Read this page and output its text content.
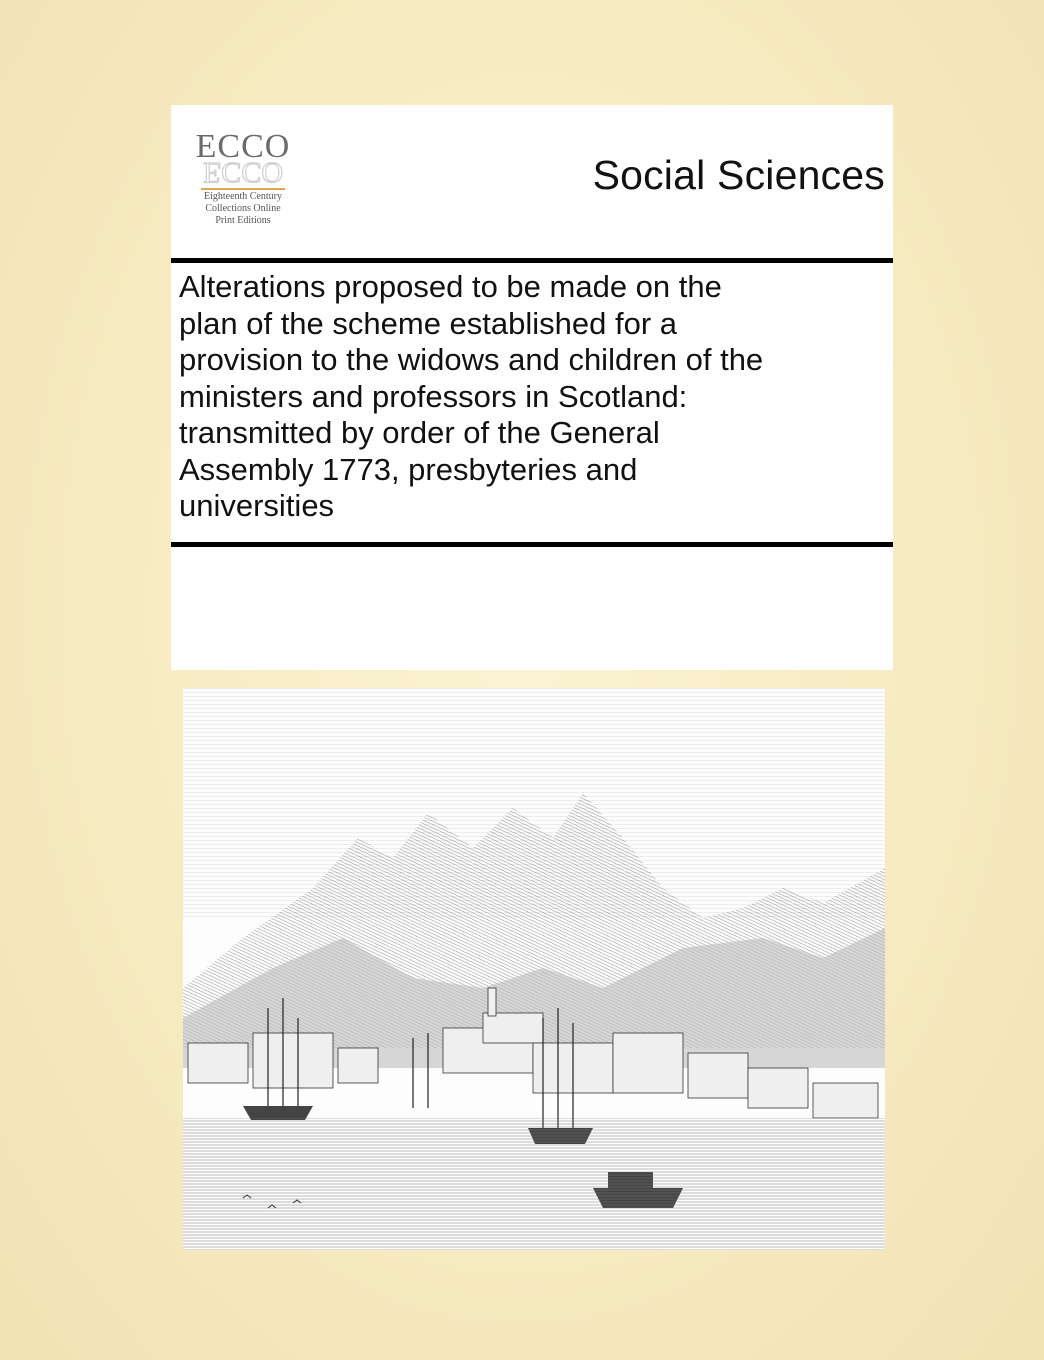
ECCO
ECCO
Eighteenth Century
Collections Online
Print Editions
Social Sciences
Alterations proposed to be made on the
plan of the scheme established for a
provision to the widows and children of the
ministers and professors in Scotland:
transmitted by order of the General
Assembly 1773, presbyteries and
universities
